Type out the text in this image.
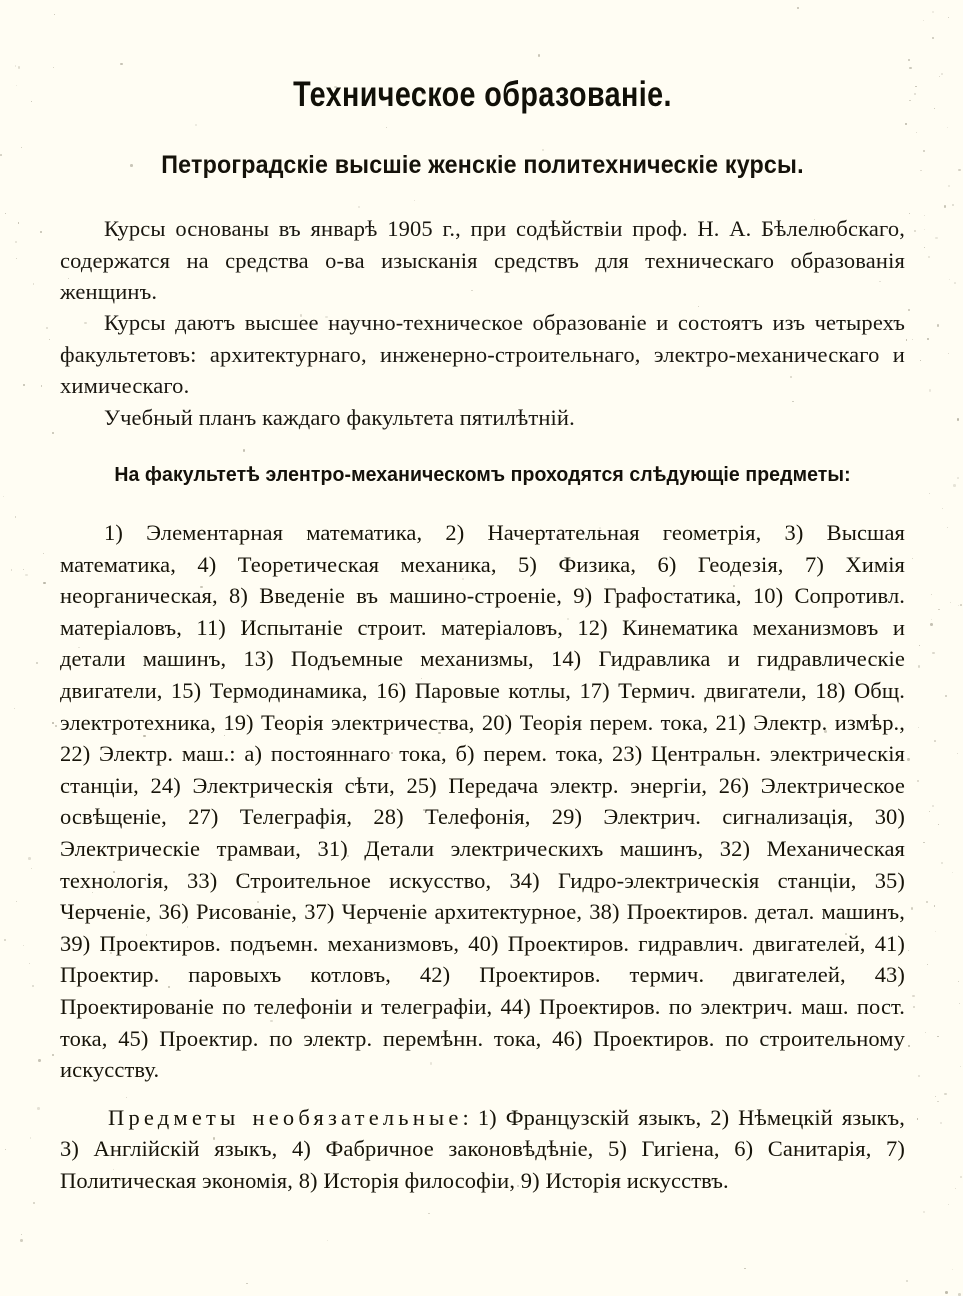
Техническое образованіе.
Петроградскіе высшіе женскіе политехническіе курсы.

Курсы основаны въ январѣ 1905 г., при содѣйствіи проф. Н. А. Бѣлелюбскаго, содержатся на средства о-ва изысканія средствъ для техническаго образованія женщинъ.

Курсы даютъ высшее научно-техническое образованіе и состоятъ изъ четырехъ факультетовъ: архитектурнаго, инженерно-строительнаго, электро-механическаго и химическаго.

Учебный планъ каждаго факультета пятилѣтній.

На факультетѣ элентро-механическомъ проходятся слѣдующіе предметы:

1) Элементарная математика, 2) Начертательная геометрія, 3) Высшая математика, 4) Теоретическая механика, 5) Физика, 6) Геодезія, 7) Химія неорганическая, 8) Введеніе въ машино-строеніе, 9) Графостатика, 10) Сопротивл. матеріаловъ, 11) Испытаніе строит. матеріаловъ, 12) Кинематика механизмовъ и детали машинъ, 13) Подъемные механизмы, 14) Гидравлика и гидравлическіе двигатели, 15) Термодинамика, 16) Паровые котлы, 17) Термич. двигатели, 18) Общ. электротехника, 19) Теорія электричества, 20) Теорія перем. тока, 21) Электр. измѣр., 22) Электр. маш.: а) постояннаго тока, б) перем. тока, 23) Центральн. электрическія станціи, 24) Электрическія сѣти, 25) Передача электр. энергіи, 26) Электрическое освѣщеніе, 27) Телеграфія, 28) Телефонія, 29) Электрич. сигнализація, 30) Электрическіе трамваи, 31) Детали электрическихъ машинъ, 32) Механическая технологія, 33) Строительное искусство, 34) Гидро-электрическія станціи, 35) Черченіе, 36) Рисованіе, 37) Черченіе архитектурное, 38) Проектиров. детал. машинъ, 39) Проектиров. подъемн. механизмовъ, 40) Проектиров. гидравлич. двигателей, 41) Проектир. паровыхъ котловъ, 42) Проектиров. термич. двигателей, 43) Проектированіе по телефоніи и телеграфіи, 44) Проектиров. по электрич. маш. пост. тока, 45) Проектир. по электр. перемѣнн. тока, 46) Проектиров. по строительному искусству.

Предметы необязательные: 1) Французскій языкъ, 2) Нѣмецкій языкъ, 3) Англійскій языкъ, 4) Фабричное законовѣдѣніе, 5) Гигіена, 6) Санитарія, 7) Политическая экономія, 8) Исторія философіи, 9) Исторія искусствъ.
